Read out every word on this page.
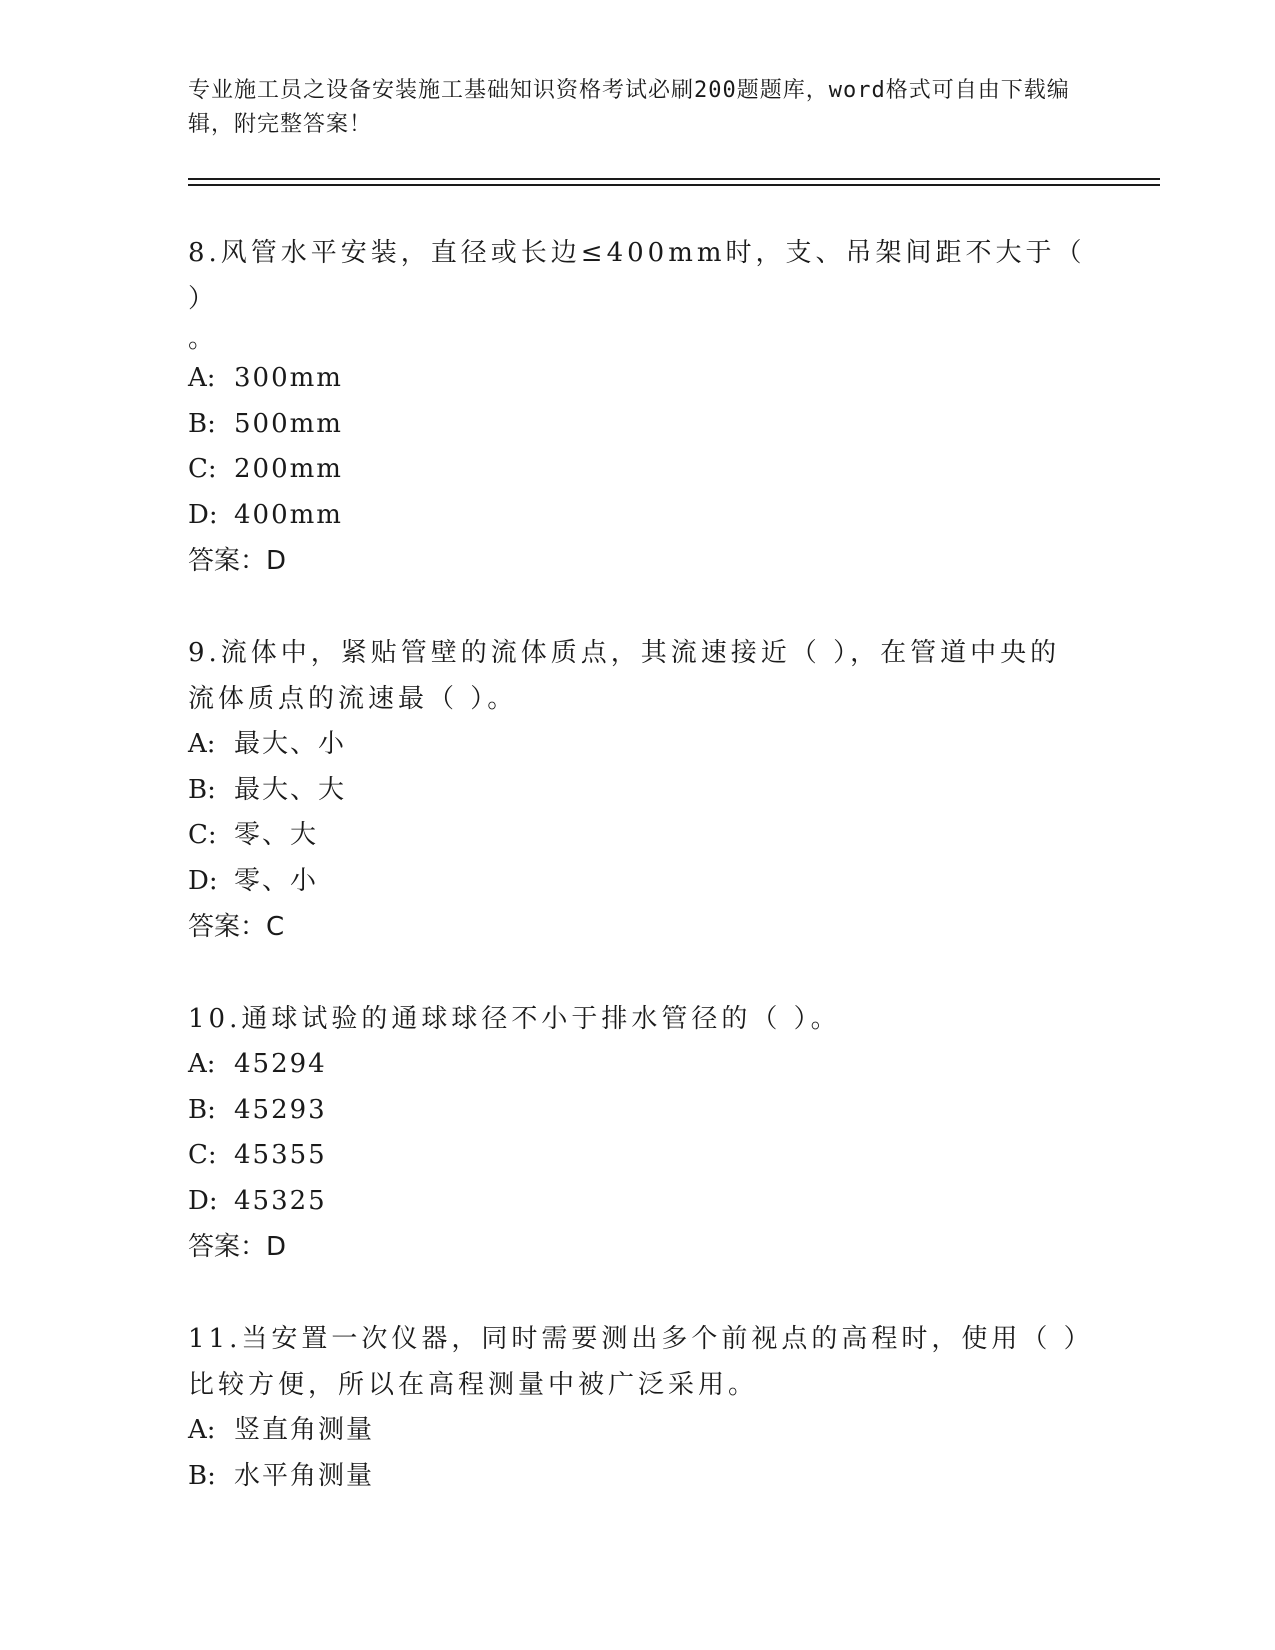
专业施工员之设备安装施工基础知识资格考试必刷200题题库，word格式可自由下载编辑，附完整答案！

8.风管水平安装，直径或长边≤400mm时，支、吊架间距不大于（ ）

。

A: 300mm
B: 500mm
C: 200mm
D: 400mm
答案：D

9.流体中，紧贴管壁的流体质点，其流速接近（ ），在管道中央的流体质点的流速最（ ）。

A: 最大、小
B: 最大、大
C: 零、大
D: 零、小
答案：C

10.通球试验的通球球径不小于排水管径的（ ）。

A: 45294
B: 45293
C: 45355
D: 45325
答案：D

11.当安置一次仪器，同时需要测出多个前视点的高程时，使用（ ）比较方便，所以在高程测量中被广泛采用。

A: 竖直角测量
B: 水平角测量
